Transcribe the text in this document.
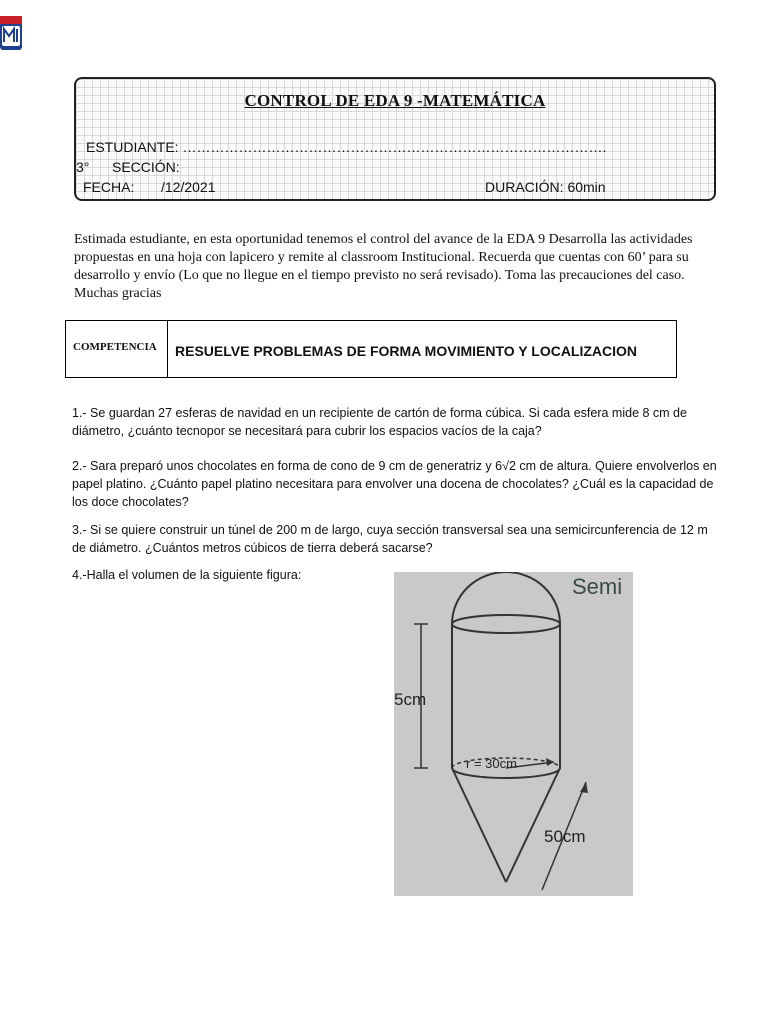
CONTROL DE EDA 9 -MATEMÁTICA
ESTUDIANTE: ……………………………………………………………………………….
3° SECCIÓN:
FECHA: /12/2021	DURACIÓN: 60min

Estimada estudiante, en esta oportunidad tenemos el control del avance de la EDA 9 Desarrolla las actividades propuestas en una hoja con lapicero y remite al classroom Institucional. Recuerda que cuentas con 60’ para su desarrollo y envío (Lo que no llegue en el tiempo previsto no será revisado). Toma las precauciones del caso. Muchas gracias

COMPETENCIA	RESUELVE PROBLEMAS DE FORMA MOVIMIENTO Y LOCALIZACION

1.- Se guardan 27 esferas de navidad en un recipiente de cartón de forma cúbica. Si cada esfera mide 8 cm de diámetro, ¿cuánto tecnopor se necesitará para cubrir los espacios vacíos de la caja?

2.- Sara preparó unos chocolates en forma de cono de 9 cm de generatriz y 6√2 cm de altura. Quiere envolverlos en papel platino. ¿Cuánto papel platino necesitara para envolver una docena de chocolates? ¿Cuál es la capacidad de los doce chocolates?

3.- Si se quiere construir un túnel de 200 m de largo, cuya sección transversal sea una semicircunferencia de 12 m de diámetro. ¿Cuántos metros cúbicos de tierra deberá sacarse?

4.-Halla el volumen de la siguiente figura:	Semi
5cm
r = 30cm
50cm
